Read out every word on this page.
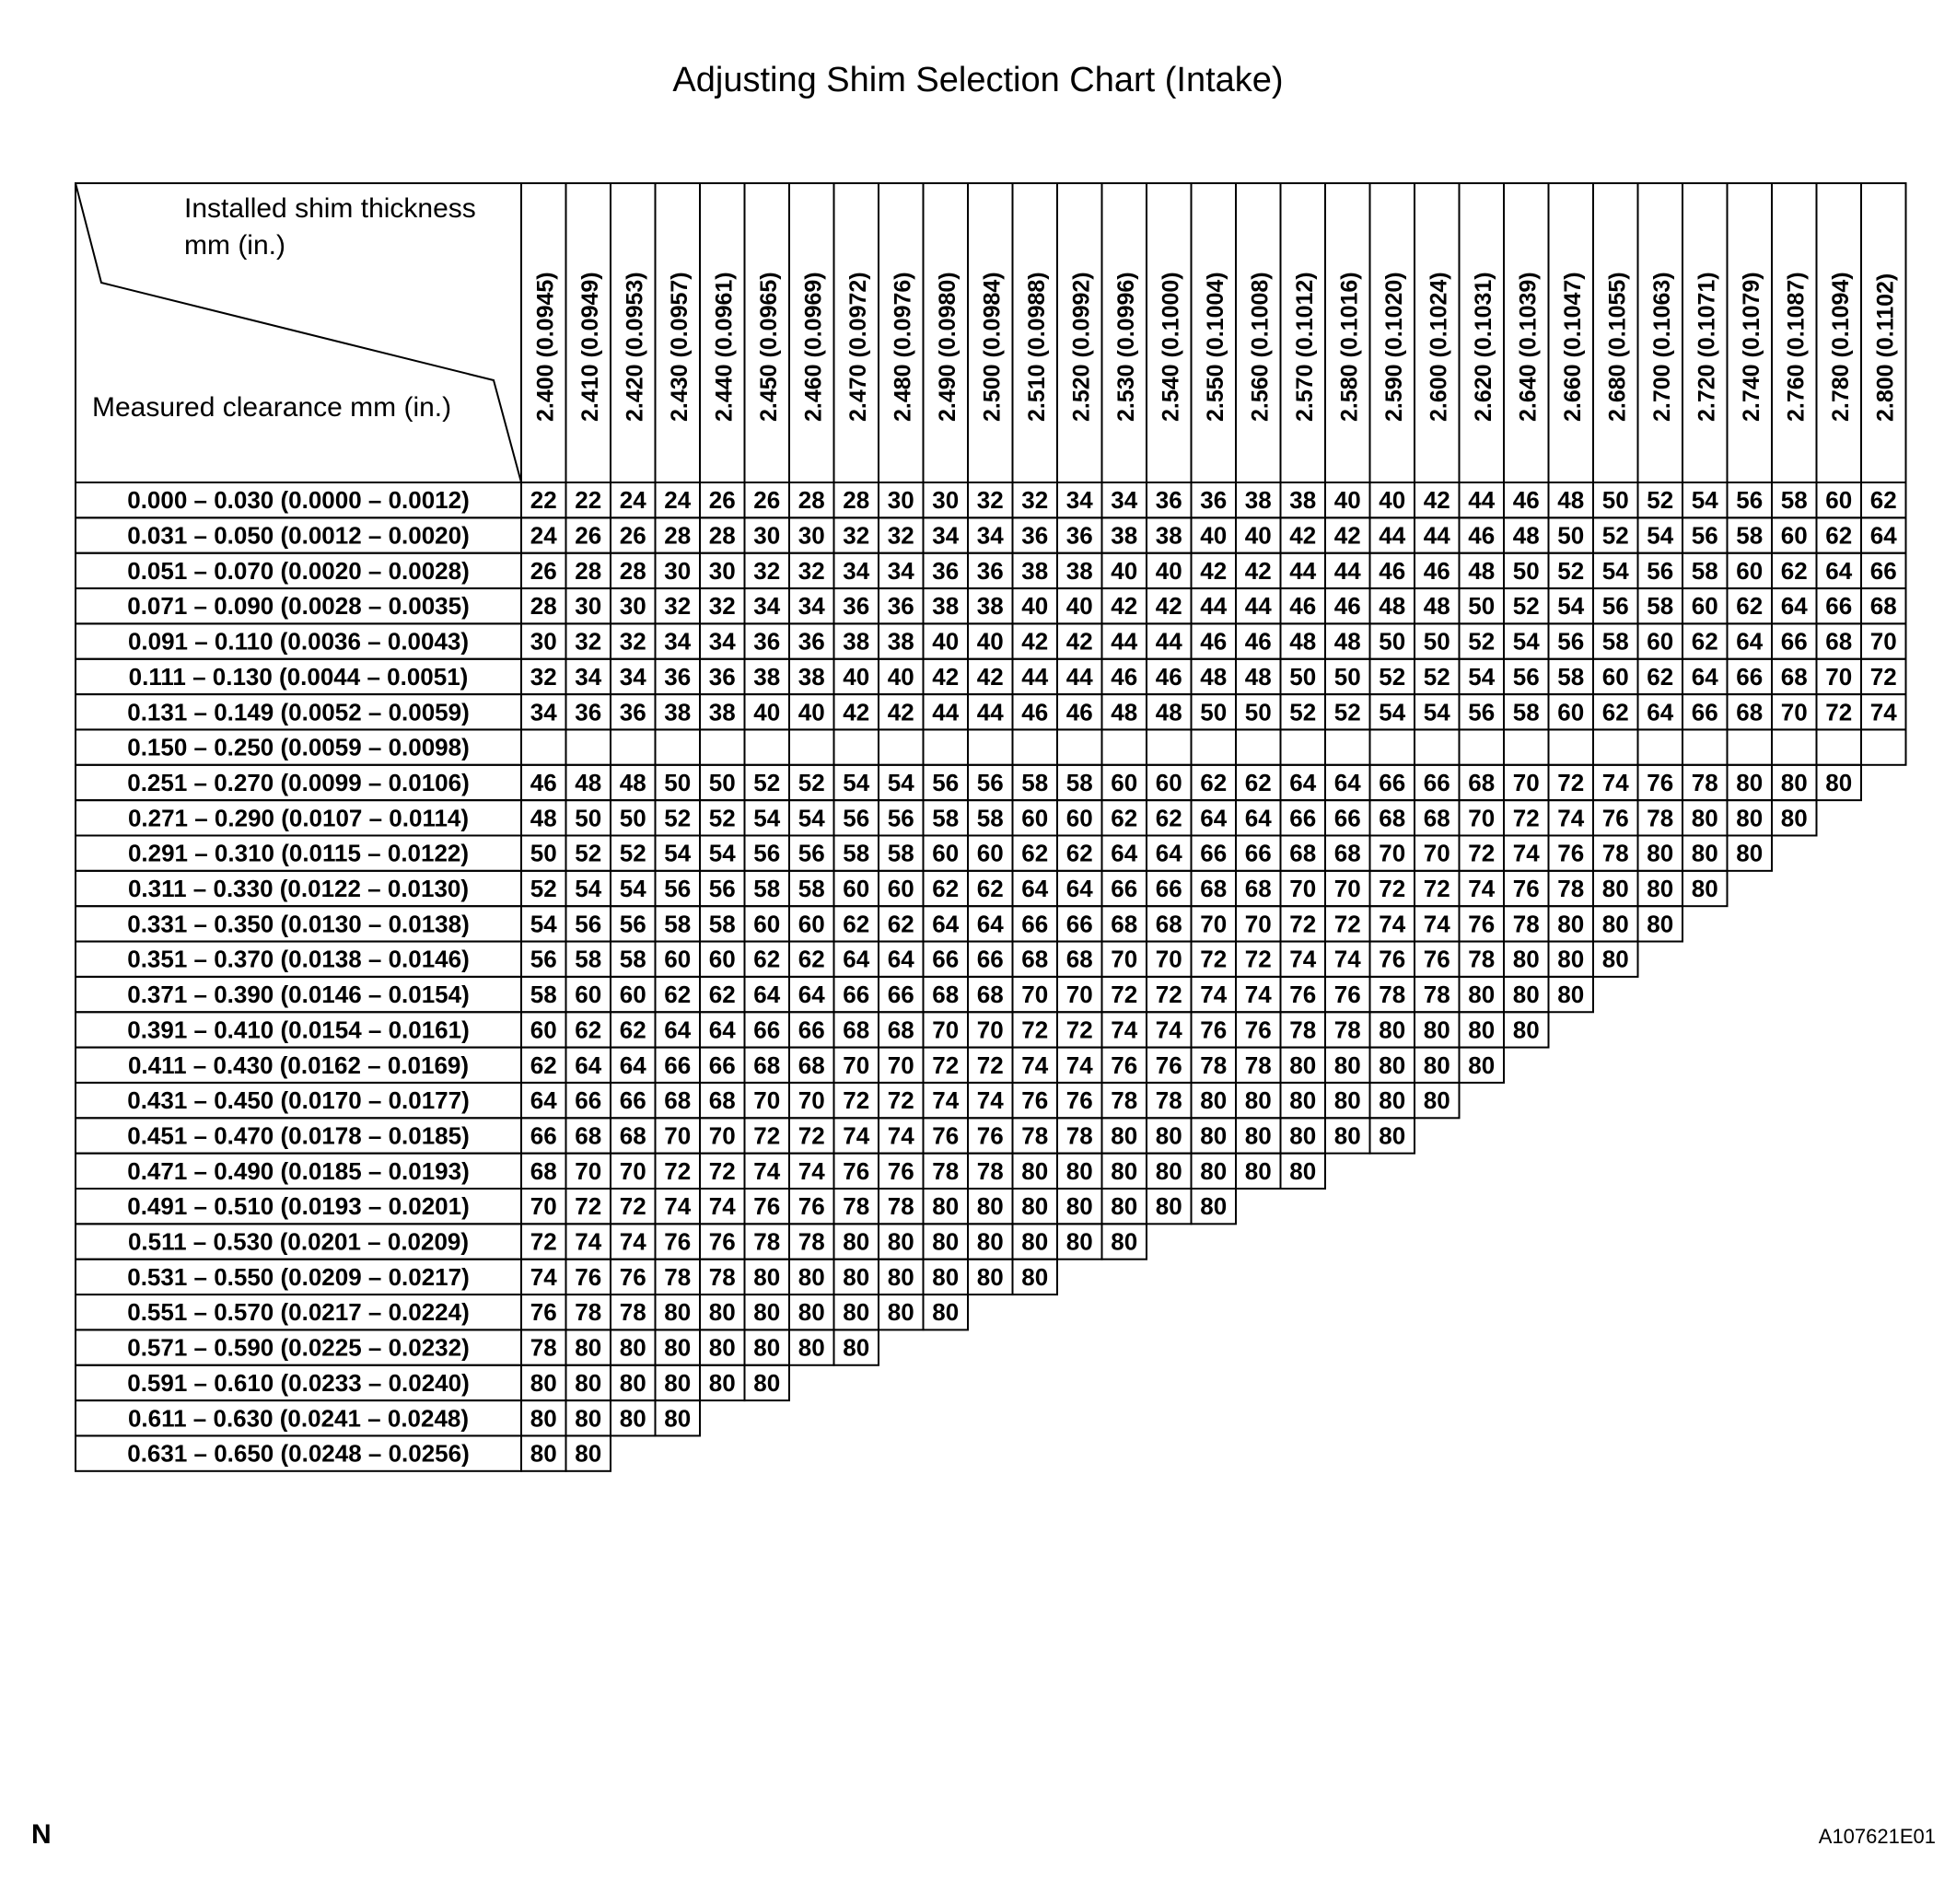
Adjusting Shim Selection Chart (Intake)
Installed shim thickness
mm (in.)
Measured clearance mm (in.)	2.400 (0.0945) 2.410 (0.0949) 2.420 (0.0953) 2.430 (0.0957) 2.440 (0.0961) 2.450 (0.0965) 2.460 (0.0969) 2.470 (0.0972) 2.480 (0.0976) 2.490 (0.0980) 2.500 (0.0984) 2.510 (0.0988) 2.520 (0.0992) 2.530 (0.0996) 2.540 (0.1000) 2.550 (0.1004) 2.560 (0.1008) 2.570 (0.1012) 2.580 (0.1016) 2.590 (0.1020) 2.600 (0.1024) 2.620 (0.1031) 2.640 (0.1039) 2.660 (0.1047) 2.680 (0.1055) 2.700 (0.1063) 2.720 (0.1071) 2.740 (0.1079) 2.760 (0.1087) 2.780 (0.1094) 2.800 (0.1102)
0.000 – 0.030 (0.0000 – 0.0012)	22 22 24 24 26 26 28 28 30 30 32 32 34 34 36 36 38 38 40 40 42 44 46 48 50 52 54 56 58 60 62
0.031 – 0.050 (0.0012 – 0.0020)	24 26 26 28 28 30 30 32 32 34 34 36 36 38 38 40 40 42 42 44 44 46 48 50 52 54 56 58 60 62 64
0.051 – 0.070 (0.0020 – 0.0028)	26 28 28 30 30 32 32 34 34 36 36 38 38 40 40 42 42 44 44 46 46 48 50 52 54 56 58 60 62 64 66
0.071 – 0.090 (0.0028 – 0.0035)	28 30 30 32 32 34 34 36 36 38 38 40 40 42 42 44 44 46 46 48 48 50 52 54 56 58 60 62 64 66 68
0.091 – 0.110 (0.0036 – 0.0043)	30 32 32 34 34 36 36 38 38 40 40 42 42 44 44 46 46 48 48 50 50 52 54 56 58 60 62 64 66 68 70
0.111 – 0.130 (0.0044 – 0.0051)	32 34 34 36 36 38 38 40 40 42 42 44 44 46 46 48 48 50 50 52 52 54 56 58 60 62 64 66 68 70 72
0.131 – 0.149 (0.0052 – 0.0059)	34 36 36 38 38 40 40 42 42 44 44 46 46 48 48 50 50 52 52 54 54 56 58 60 62 64 66 68 70 72 74
0.150 – 0.250 (0.0059 – 0.0098)
0.251 – 0.270 (0.0099 – 0.0106)	46 48 48 50 50 52 52 54 54 56 56 58 58 60 60 62 62 64 64 66 66 68 70 72 74 76 78 80 80 80
0.271 – 0.290 (0.0107 – 0.0114)	48 50 50 52 52 54 54 56 56 58 58 60 60 62 62 64 64 66 66 68 68 70 72 74 76 78 80 80 80
0.291 – 0.310 (0.0115 – 0.0122)	50 52 52 54 54 56 56 58 58 60 60 62 62 64 64 66 66 68 68 70 70 72 74 76 78 80 80 80
0.311 – 0.330 (0.0122 – 0.0130)	52 54 54 56 56 58 58 60 60 62 62 64 64 66 66 68 68 70 70 72 72 74 76 78 80 80 80
0.331 – 0.350 (0.0130 – 0.0138)	54 56 56 58 58 60 60 62 62 64 64 66 66 68 68 70 70 72 72 74 74 76 78 80 80 80
0.351 – 0.370 (0.0138 – 0.0146)	56 58 58 60 60 62 62 64 64 66 66 68 68 70 70 72 72 74 74 76 76 78 80 80 80
0.371 – 0.390 (0.0146 – 0.0154)	58 60 60 62 62 64 64 66 66 68 68 70 70 72 72 74 74 76 76 78 78 80 80 80
0.391 – 0.410 (0.0154 – 0.0161)	60 62 62 64 64 66 66 68 68 70 70 72 72 74 74 76 76 78 78 80 80 80 80
0.411 – 0.430 (0.0162 – 0.0169)	62 64 64 66 66 68 68 70 70 72 72 74 74 76 76 78 78 80 80 80 80 80
0.431 – 0.450 (0.0170 – 0.0177)	64 66 66 68 68 70 70 72 72 74 74 76 76 78 78 80 80 80 80 80 80
0.451 – 0.470 (0.0178 – 0.0185)	66 68 68 70 70 72 72 74 74 76 76 78 78 80 80 80 80 80 80 80
0.471 – 0.490 (0.0185 – 0.0193)	68 70 70 72 72 74 74 76 76 78 78 80 80 80 80 80 80 80
0.491 – 0.510 (0.0193 – 0.0201)	70 72 72 74 74 76 76 78 78 80 80 80 80 80 80 80
0.511 – 0.530 (0.0201 – 0.0209)	72 74 74 76 76 78 78 80 80 80 80 80 80 80
0.531 – 0.550 (0.0209 – 0.0217)	74 76 76 78 78 80 80 80 80 80 80 80
0.551 – 0.570 (0.0217 – 0.0224)	76 78 78 80 80 80 80 80 80 80
0.571 – 0.590 (0.0225 – 0.0232)	78 80 80 80 80 80 80 80
0.591 – 0.610 (0.0233 – 0.0240)	80 80 80 80 80 80
0.611 – 0.630 (0.0241 – 0.0248)	80 80 80 80
0.631 – 0.650 (0.0248 – 0.0256)	80 80
N	A107621E01
